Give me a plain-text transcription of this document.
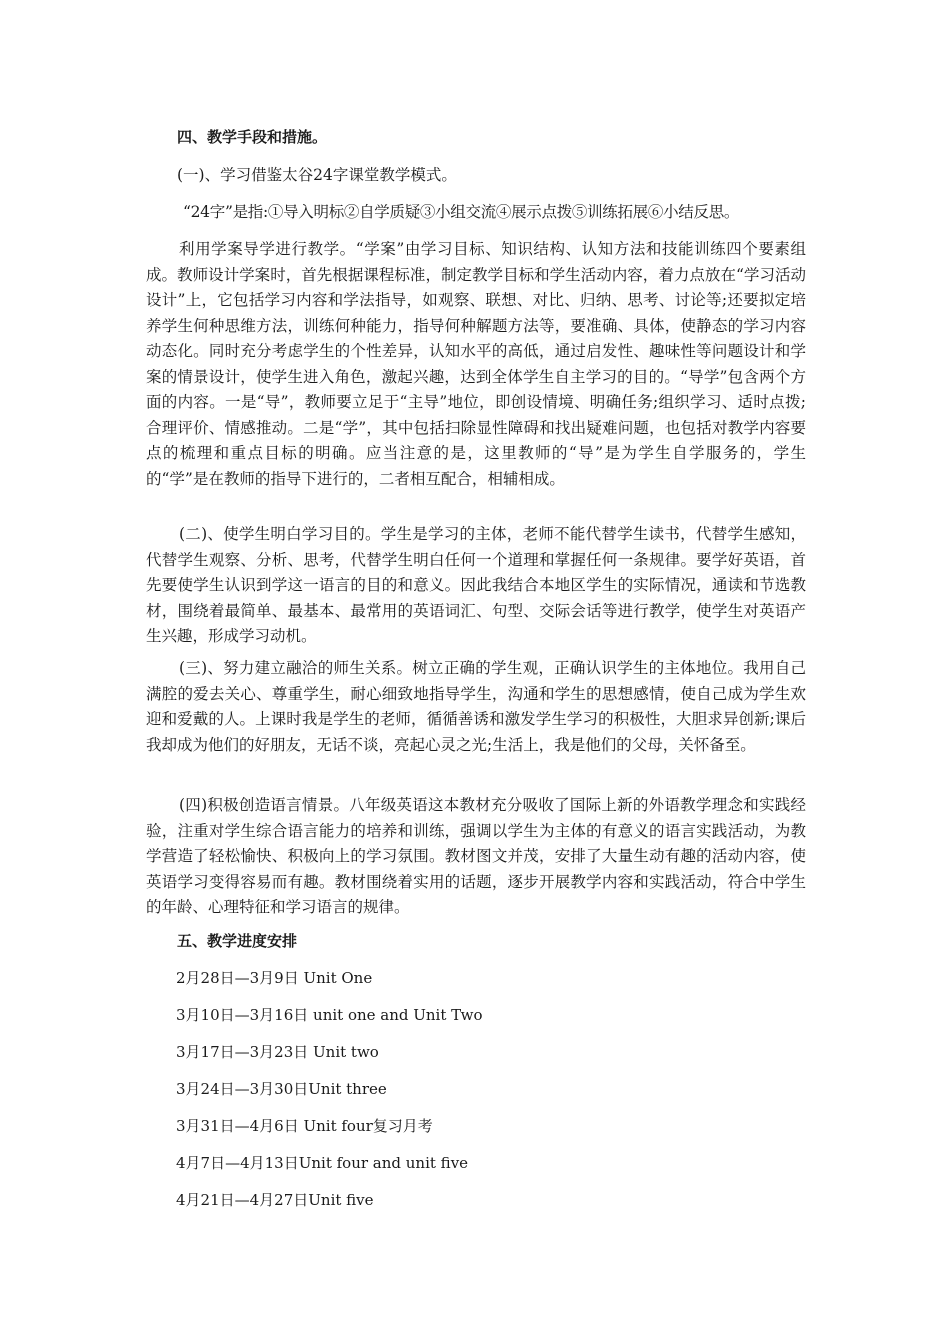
四、教学手段和措施。

(一)、学习借鉴太谷24字课堂教学模式。

“24字”是指:①导入明标②自学质疑③小组交流④展示点拨⑤训练拓展⑥小结反思。

利用学案导学进行教学。“学案”由学习目标、知识结构、认知方法和技能训练四个要素组成。教师设计学案时，首先根据课程标准，制定教学目标和学生活动内容，着力点放在“学习活动设计”上，它包括学习内容和学法指导，如观察、联想、对比、归纳、思考、讨论等;还要拟定培养学生何种思维方法，训练何种能力，指导何种解题方法等，要准确、具体，使静态的学习内容动态化。同时充分考虑学生的个性差异，认知水平的高低，通过启发性、趣味性等问题设计和学案的情景设计，使学生进入角色，激起兴趣，达到全体学生自主学习的目的。“导学”包含两个方面的内容。一是“导”，教师要立足于“主导”地位，即创设情境、明确任务;组织学习、适时点拨;合理评价、情感推动。二是“学”，其中包括扫除显性障碍和找出疑难问题，也包括对教学内容要点的梳理和重点目标的明确。应当注意的是，这里教师的“导”是为学生自学服务的，学生的“学”是在教师的指导下进行的，二者相互配合，相辅相成。

(二)、使学生明白学习目的。学生是学习的主体，老师不能代替学生读书，代替学生感知，代替学生观察、分析、思考，代替学生明白任何一个道理和掌握任何一条规律。要学好英语，首先要使学生认识到学这一语言的目的和意义。因此我结合本地区学生的实际情况，通读和节选教材，围绕着最简单、最基本、最常用的英语词汇、句型、交际会话等进行教学，使学生对英语产生兴趣，形成学习动机。

(三)、努力建立融洽的师生关系。树立正确的学生观，正确认识学生的主体地位。我用自己满腔的爱去关心、尊重学生，耐心细致地指导学生，沟通和学生的思想感情，使自己成为学生欢迎和爱戴的人。上课时我是学生的老师，循循善诱和激发学生学习的积极性，大胆求异创新;课后我却成为他们的好朋友，无话不谈，亮起心灵之光;生活上，我是他们的父母，关怀备至。

(四)积极创造语言情景。八年级英语这本教材充分吸收了国际上新的外语教学理念和实践经验，注重对学生综合语言能力的培养和训练，强调以学生为主体的有意义的语言实践活动，为教学营造了轻松愉快、积极向上的学习氛围。教材图文并茂，安排了大量生动有趣的活动内容，使英语学习变得容易而有趣。教材围绕着实用的话题，逐步开展教学内容和实践活动，符合中学生的年龄、心理特征和学习语言的规律。

五、教学进度安排

2月28日—3月9日 Unit One

3月10日—3月16日 unit one and Unit Two

3月17日—3月23日 Unit two

3月24日—3月30日Unit three

3月31日—4月6日 Unit four复习月考

4月7日—4月13日Unit four and unit five

4月21日—4月27日Unit five
